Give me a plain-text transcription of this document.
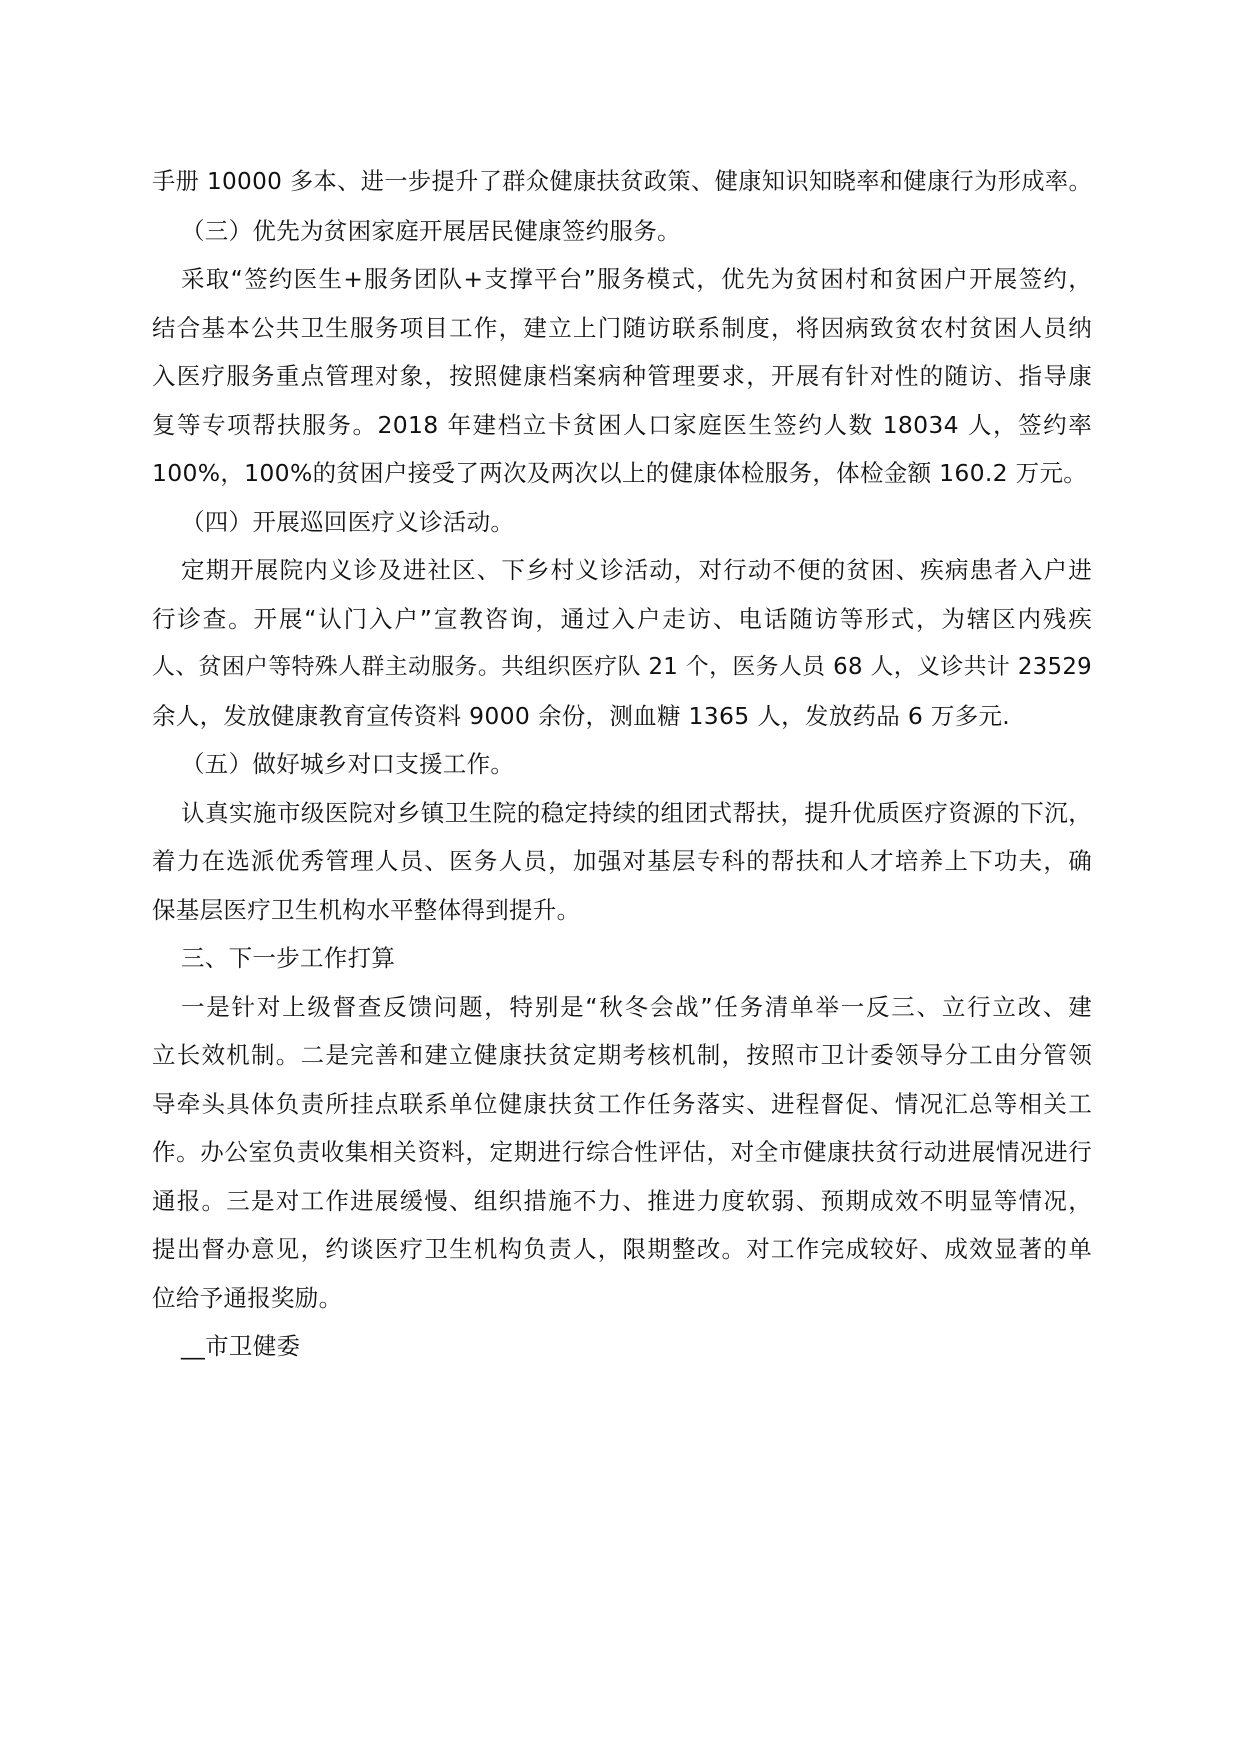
手册 10000 多本、进一步提升了群众健康扶贫政策、健康知识知晓率和健康行为形成率。
（三）优先为贫困家庭开展居民健康签约服务。
采取“签约医生+服务团队+支撑平台”服务模式，优先为贫困村和贫困户开展签约，
结合基本公共卫生服务项目工作，建立上门随访联系制度，将因病致贫农村贫困人员纳
入医疗服务重点管理对象，按照健康档案病种管理要求，开展有针对性的随访、指导康
复等专项帮扶服务。2018 年建档立卡贫困人口家庭医生签约人数 18034 人，签约率
100%，100%的贫困户接受了两次及两次以上的健康体检服务，体检金额 160.2 万元。
（四）开展巡回医疗义诊活动。
定期开展院内义诊及进社区、下乡村义诊活动，对行动不便的贫困、疾病患者入户进
行诊查。开展“认门入户”宣教咨询，通过入户走访、电话随访等形式，为辖区内残疾
人、贫困户等特殊人群主动服务。共组织医疗队 21 个，医务人员 68 人，义诊共计 23529
余人，发放健康教育宣传资料 9000 余份，测血糖 1365 人，发放药品 6 万多元.
（五）做好城乡对口支援工作。
认真实施市级医院对乡镇卫生院的稳定持续的组团式帮扶，提升优质医疗资源的下沉，
着力在选派优秀管理人员、医务人员，加强对基层专科的帮扶和人才培养上下功夫，确
保基层医疗卫生机构水平整体得到提升。
三、下一步工作打算
一是针对上级督查反馈问题，特别是“秋冬会战”任务清单举一反三、立行立改、建
立长效机制。二是完善和建立健康扶贫定期考核机制，按照市卫计委领导分工由分管领
导牵头具体负责所挂点联系单位健康扶贫工作任务落实、进程督促、情况汇总等相关工
作。办公室负责收集相关资料，定期进行综合性评估，对全市健康扶贫行动进展情况进行
通报。三是对工作进展缓慢、组织措施不力、推进力度软弱、预期成效不明显等情况，
提出督办意见，约谈医疗卫生机构负责人，限期整改。对工作完成较好、成效显著的单
位给予通报奖励。
__市卫健委
